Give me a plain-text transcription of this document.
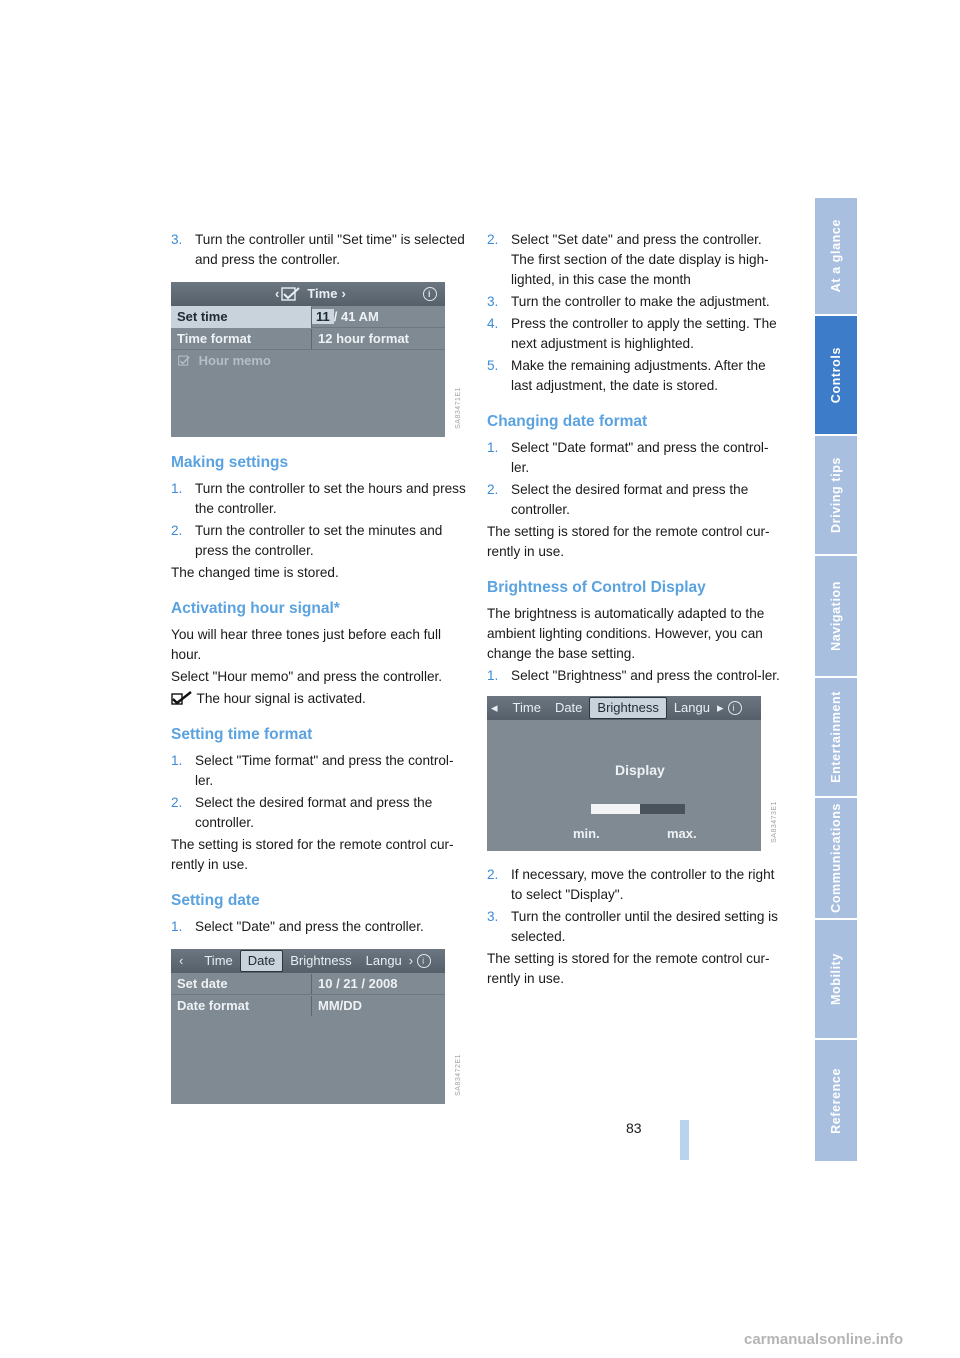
3. Turn the controller until "Set time" is selected and press the controller.
‹ Time ›
i
Set time	11 / 41 AM
Time format	12 hour format
Hour memo
SA83471E1
Making settings
1. Turn the controller to set the hours and press the controller.
2. Turn the controller to set the minutes and press the controller.

The changed time is stored.

Activating hour signal*

You will hear three tones just before each full hour.

Select "Hour memo" and press the controller.

The hour signal is activated.

Setting time format
1. Select "Time format" and press the control-ler.
2. Select the desired format and press the controller.

The setting is stored for the remote control cur-rently in use.

Setting date
1. Select "Date" and press the controller.
‹	Time	Date	Brightness	Langu ›
i
Set date	10 / 21 / 2008
Date format	MM/DD
SA83472E1
2. Select "Set date" and press the controller. The first section of the date display is high-lighted, in this case the month
3. Turn the controller to make the adjustment.
4. Press the controller to apply the setting. The next adjustment is highlighted.
5. Make the remaining adjustments. After the last adjustment, the date is stored.
Changing date format
1. Select "Date format" and press the control-ler.
2. Select the desired format and press the controller.

The setting is stored for the remote control cur-rently in use.

Brightness of Control Display

The brightness is automatically adapted to the ambient lighting conditions. However, you can change the base setting.

1. Select "Brightness" and press the control-ler.
◂	Time	Date	Brightness	Langu ▸
i
Display
min.	max.	SA83473E1
2. If necessary, move the controller to the right to select "Display".
3. Turn the controller until the desired setting is selected.

The setting is stored for the remote control cur-rently in use.

At a glance
Controls
Driving tips
Navigation
Entertainment
Communications
Mobility
Reference
83
carmanualsonline.info
